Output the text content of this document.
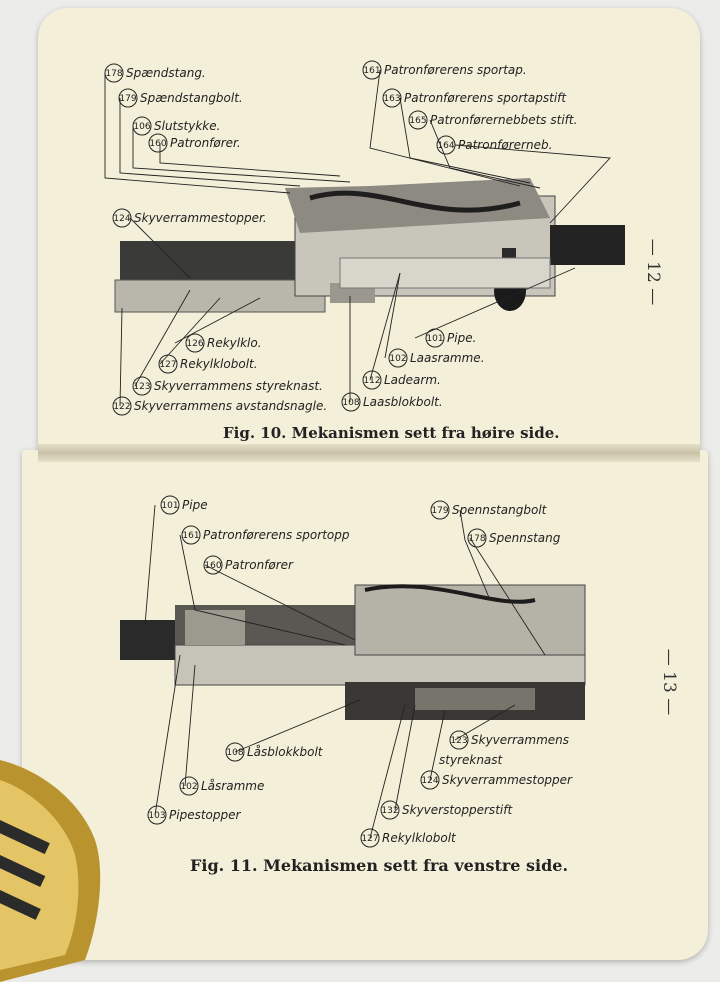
178 Spændstang.
179 Spændstangbolt.
106 Slutstykke.
160 Patronfører.
161 Patronførerens sportap.
163 Patronførerens sportapstift
165 Patronførernebbets stift.
164 Patronførerneb.
124 Skyverrammestopper.
126 Rekylklo.
127 Rekylklobolt.
123 Skyverrammens styreknast.
122 Skyverrammens avstandsnagle.
101 Pipe.
102 Laasramme.
112 Ladearm.
108 Laasblokbolt.
— 12 —
Fig. 10. Mekanismen sett fra høire side.
101 Pipe
161 Patronførerens sportopp
160 Patronfører
179 Spennstangbolt
178 Spennstang
108 Låsblokkbolt
102 Låsramme
103 Pipestopper
123 Skyverrammens
styreknast
124 Skyverrammestopper
132 Skyverstopperstift
127 Rekylklobolt
— 13 —
Fig. 11. Mekanismen sett fra venstre side.
